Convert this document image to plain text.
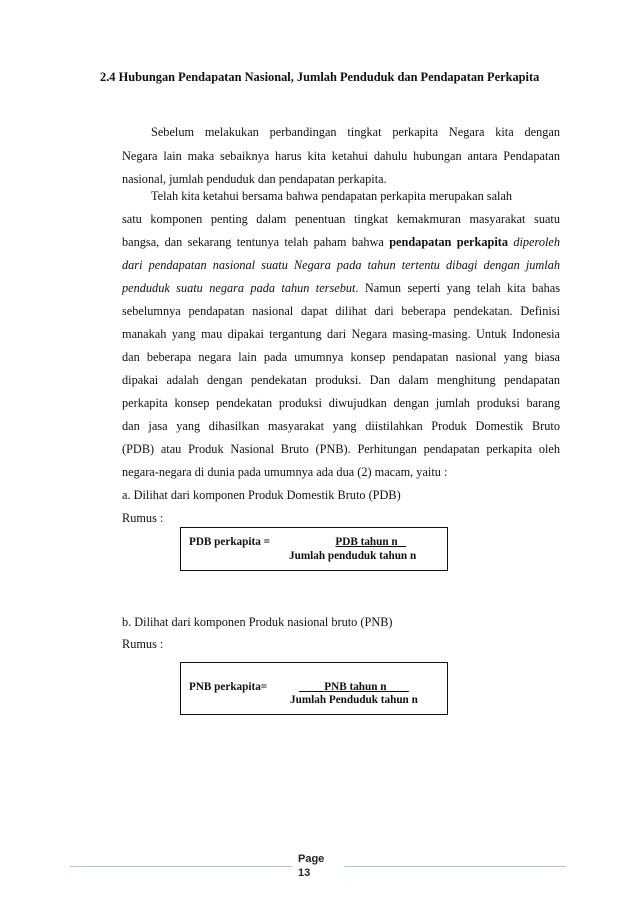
2.4 Hubungan Pendapatan Nasional, Jumlah Penduduk dan Pendapatan Perkapita
Sebelum melakukan perbandingan tingkat perkapita Negara kita dengan
Negara lain maka sebaiknya harus kita ketahui dahulu hubungan antara Pendapatan
nasional, jumlah penduduk dan pendapatan perkapita.
Telah kita ketahui bersama bahwa pendapatan perkapita merupakan salah
satu komponen penting dalam penentuan tingkat kemakmuran masyarakat suatu
bangsa, dan sekarang tentunya telah paham bahwa pendapatan perkapita diperoleh
dari pendapatan nasional suatu Negara pada tahun tertentu dibagi dengan jumlah
penduduk suatu negara pada tahun tersebut. Namun seperti yang telah kita bahas
sebelumnya pendapatan nasional dapat dilihat dari beberapa pendekatan. Definisi
manakah yang mau dipakai tergantung dari Negara masing-masing. Untuk Indonesia
dan beberapa negara lain pada umumnya konsep pendapatan nasional yang biasa
dipakai adalah dengan pendekatan produksi. Dan dalam menghitung pendapatan
perkapita konsep pendekatan produksi diwujudkan dengan jumlah produksi barang
dan jasa yang dihasilkan masyarakat yang diistilahkan Produk Domestik Bruto
(PDB) atau Produk Nasional Bruto (PNB). Perhitungan pendapatan perkapita oleh
negara-negara di dunia pada umumnya ada dua (2) macam, yaitu :
a. Dilihat dari komponen Produk Domestik Bruto (PDB)
Rumus :
PDB perkapita =	PDB tahun n
Jumlah penduduk tahun n
b. Dilihat dari komponen Produk nasional bruto (PNB)
Rumus :
PNB perkapita=	PNB tahun n
Jumlah Penduduk tahun n
Page
13
